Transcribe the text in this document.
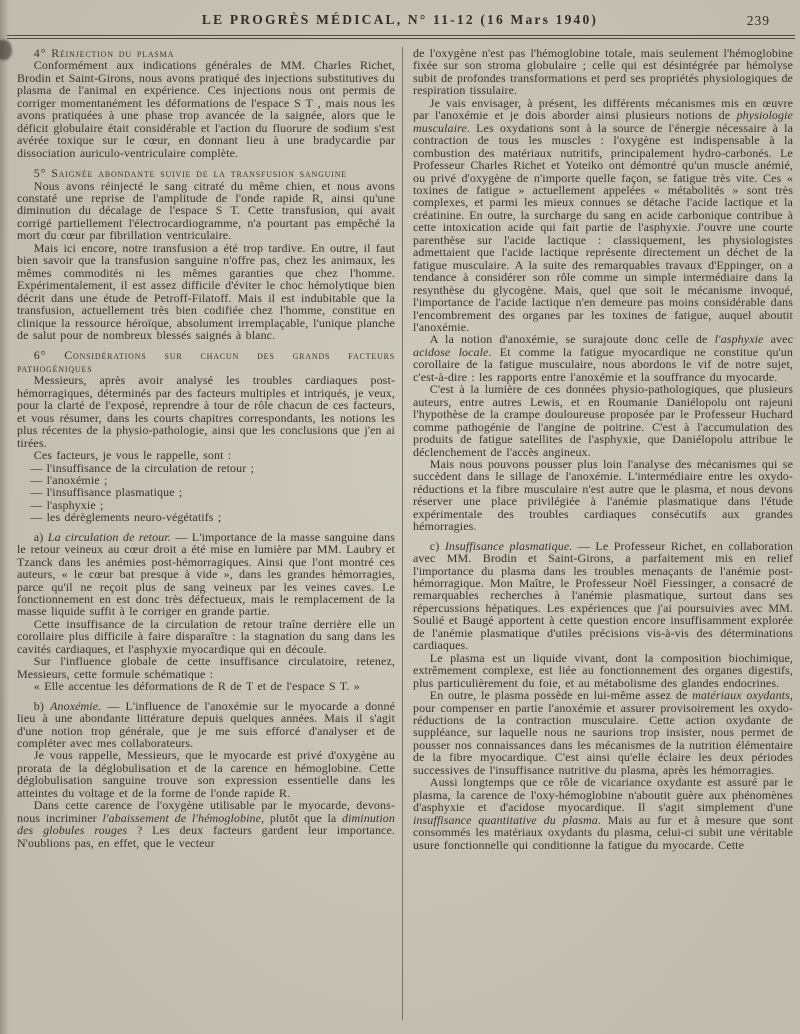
LE PROGRÈS MÉDICAL, N° 11-12 (16 Mars 1940)	239

4° Réinjection du plasma

Conformément aux indications générales de MM. Charles Richet, Brodin et Saint-Girons, nous avons pratiqué des injections substitutives du plasma de l'animal en expérience. Ces injections nous ont permis de corriger momentanément les déformations de l'espace S T , mais nous les avons pratiquées à une phase trop avancée de la saignée, alors que le déficit globulaire était considérable et l'action du fluorure de sodium s'est avérée toxique sur le cœur, en donnant lieu à une bradycardie par dissociation auriculo-ventriculaire complète.

5° Saignée abondante suivie de la transfusion sanguine

Nous avons réinjecté le sang citraté du même chien, et nous avons constaté une reprise de l'amplitude de l'onde rapide R, ainsi qu'une diminution du décalage de l'espace S T. Cette transfusion, qui avait corrigé partiellement l'électrocardiogramme, n'a pourtant pas empêché la mort du cœur par fibrillation ventriculaire.

Mais ici encore, notre transfusion a été trop tardive. En outre, il faut bien savoir que la transfusion sanguine n'offre pas, chez les animaux, les mêmes commodités ni les mêmes garanties que chez l'homme. Expérimentalement, il est assez difficile d'éviter le choc hémolytique bien décrit dans une étude de Petroff-Filatoff. Mais il est indubitable que la transfusion, actuellement très bien codifiée chez l'homme, constitue en clinique la ressource héroïque, absolument irremplaçable, l'unique planche de salut pour de nombreux blessés saignés à blanc.

6° Considérations sur chacun des grands facteurs pathogéniques

Messieurs, après avoir analysé les troubles cardiaques post-hémorragiques, déterminés par des facteurs multiples et intriqués, je veux, pour la clarté de l'exposé, reprendre à tour de rôle chacun de ces facteurs, et vous résumer, dans les courts chapitres correspondants, les notions les plus récentes de la physio-pathologie, ainsi que les conclusions que j'en ai tirées.

Ces facteurs, je vous le rappelle, sont :

— l'insuffisance de la circulation de retour ;

— l'anoxémie ;

— l'insuffisance plasmatique ;

— l'asphyxie ;

— les dérèglements neuro-végétatifs ;

a) La circulation de retour. — L'importance de la masse sanguine dans le retour veineux au cœur droit a été mise en lumière par MM. Laubry et Tzanck dans les anémies post-hémorragiques. Ainsi que l'ont montré ces auteurs, « le cœur bat presque à vide », dans les grandes hémorragies, parce qu'il ne reçoit plus de sang veineux par les veines caves. Le fonctionnement en est donc très défectueux, mais le remplacement de la masse liquide suffit à le corriger en grande partie.

Cette insuffisance de la circulation de retour traîne derrière elle un corollaire plus difficile à faire disparaître : la stagnation du sang dans les cavités cardiaques, et l'asphyxie myocardique qui en découle.

Sur l'influence globale de cette insuffisance circulatoire, retenez, Messieurs, cette formule schématique :

« Elle accentue les déformations de R de T et de l'espace S T. »

b) Anoxémie. — L'influence de l'anoxémie sur le myocarde a donné lieu à une abondante littérature depuis quelques années. Mais il s'agit d'une notion trop générale, que je me suis efforcé d'analyser et de compléter avec mes collaborateurs.

Je vous rappelle, Messieurs, que le myocarde est privé d'oxygène au prorata de la déglobulisation et de la carence en hémoglobine. Cette déglobulisation sanguine trouve son expression essentielle dans les atteintes du voltage et de la forme de l'onde rapide R.

Dans cette carence de l'oxygène utilisable par le myocarde, devons-nous incriminer l'abaissement de l'hémoglobine, plutôt que la diminution des globules rouges ? Les deux facteurs gardent leur importance. N'oublions pas, en effet, que le vecteur

de l'oxygène n'est pas l'hémoglobine totale, mais seulement l'hémoglobine fixée sur son stroma globulaire ; celle qui est désintégrée par hémolyse subit de profondes transformations et perd ses propriétés physiologiques de respiration tissulaire.

Je vais envisager, à présent, les différents mécanismes mis en œuvre par l'anoxémie et je dois aborder ainsi plusieurs notions de physiologie musculaire. Les oxydations sont à la source de l'énergie nécessaire à la contraction de tous les muscles : l'oxygène est indispensable à la combustion des matériaux nutritifs, principalement hydro-carbonés. Le Professeur Charles Richet et Yoteiko ont démontré qu'un muscle anémié, ou privé d'oxygène de n'importe quelle façon, se fatigue très vite. Ces « toxines de fatigue » actuellement appelées « métabolités » sont très complexes, et parmi les mieux connues se détache l'acide lactique et la créatinine. En outre, la surcharge du sang en acide carbonique contribue à cette intoxication acide qui fait partie de l'asphyxie. J'ouvre une courte parenthèse sur l'acide lactique : classiquement, les physiologistes admettaient que l'acide lactique représente directement un déchet de la fatigue musculaire. A la suite des remarquables travaux d'Eppinger, on a tendance à considérer son rôle comme un simple intermédiaire dans la resynthèse du glycogène. Mais, quel que soit le mécanisme invoqué, l'importance de l'acide lactique n'en demeure pas moins considérable dans l'encombrement des organes par les toxines de fatigue, auquel aboutit l'anoxémie.

A la notion d'anoxémie, se surajoute donc celle de l'asphyxie avec acidose locale. Et comme la fatigue myocardique ne constitue qu'un corollaire de la fatigue musculaire, nous abordons le vif de notre sujet, c'est-à-dire : les rapports entre l'anoxémie et la souffrance du myocarde.

C'est à la lumière de ces données physio-pathologiques, que plusieurs auteurs, entre autres Lewis, et en Roumanie Daniélopolu ont rajeuni l'hypothèse de la crampe douloureuse proposée par le Professeur Huchard comme pathogénie de l'angine de poitrine. C'est à l'accumulation des produits de fatigue satellites de l'asphyxie, que Daniélopolu attribue le déclenchement de l'accès angineux.

Mais nous pouvons pousser plus loin l'analyse des mécanismes qui se succèdent dans le sillage de l'anoxémie. L'intermédiaire entre les oxydo-réductions et la fibre musculaire n'est autre que le plasma, et nous devons réserver une place privilégiée à l'anémie plasmatique dans l'étude expérimentale des troubles cardiaques consécutifs aux grandes hémorragies.

c) Insuffisance plasmatique. — Le Professeur Richet, en collaboration avec MM. Brodin et Saint-Girons, a parfaitement mis en relief l'importance du plasma dans les troubles menaçants de l'anémie post-hémorragique. Mon Maître, le Professeur Noël Fiessinger, a consacré de remarquables recherches à l'anémie plasmatique, surtout dans ses répercussions hépatiques. Les expériences que j'ai poursuivies avec MM. Soulié et Baugé apportent à cette question encore insuffisamment explorée de l'anémie plasmatique d'utiles précisions vis-à-vis des déterminations cardiaques.

Le plasma est un liquide vivant, dont la composition biochimique, extrêmement complexe, est liée au fonctionnement des organes digestifs, plus particulièrement du foie, et au métabolisme des glandes endocrines.

En outre, le plasma possède en lui-même assez de matériaux oxydants, pour compenser en partie l'anoxémie et assurer provisoirement les oxydo-réductions de la contraction musculaire. Cette action oxydante de suppléance, sur laquelle nous ne saurions trop insister, nous permet de pousser nos connaissances dans les mécanismes de la nutrition élémentaire de la fibre myocardique. C'est ainsi qu'elle éclaire les deux périodes successives de l'insuffisance nutritive du plasma, après les hémorragies.

Aussi longtemps que ce rôle de vicariance oxydante est assuré par le plasma, la carence de l'oxy-hémoglobine n'aboutit guère aux phénomènes d'asphyxie et d'acidose myocardique. Il s'agit simplement d'une insuffisance quantitative du plasma. Mais au fur et à mesure que sont consommés les matériaux oxydants du plasma, celui-ci subit une véritable usure fonctionnelle qui conditionne la fatigue du myocarde. Cette
